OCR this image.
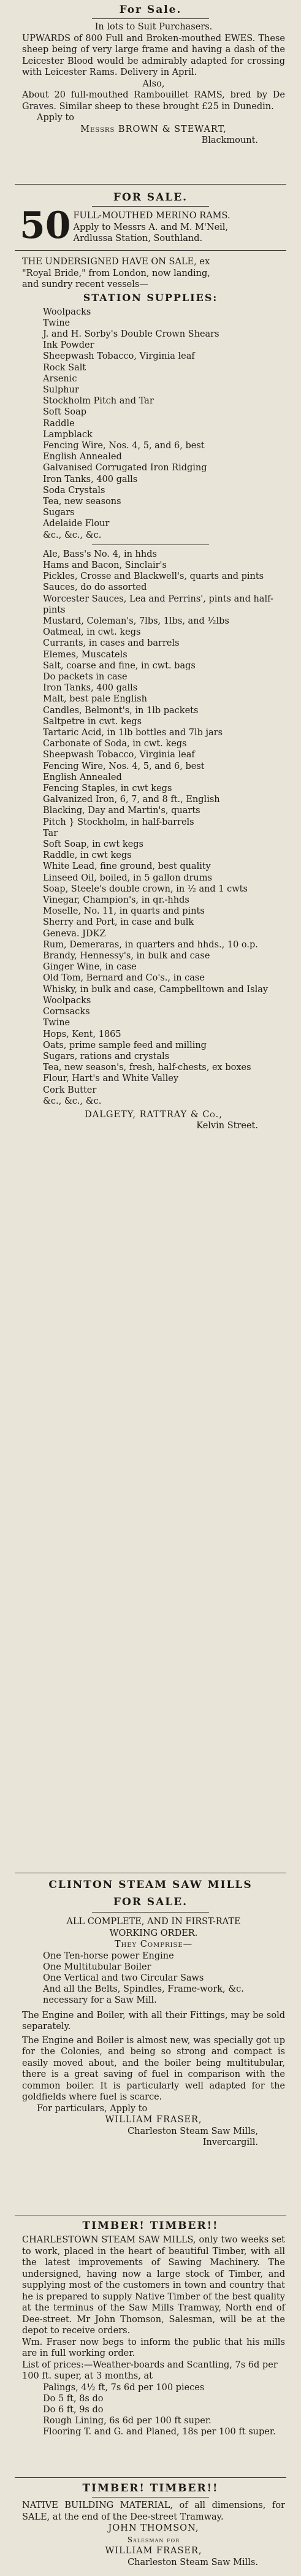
For Sale.

In lots to Suit Purchasers.

UPWARDS of 800 Full and Broken-mouthed EWES. These sheep being of very large frame and having a dash of the Leicester Blood would be admirably adapted for crossing with Leicester Rams. Delivery in April.

Also,

About 20 full-mouthed Rambouillet RAMS, bred by De Graves. Similar sheep to these brought £25 in Dunedin.

Apply to

Messrs BROWN & STEWART,

Blackmount.

FOR SALE.

50 FULL-MOUTHED MERINO RAMS.

Apply to Messrs A. and M. M'Neil,

Ardlussa Station, Southland.

THE UNDERSIGNED HAVE ON SALE, ex

"Royal Bride," from London, now landing,

and sundry recent vessels—

STATION SUPPLIES:

Woolpacks

Twine

J. and H. Sorby's Double Crown Shears

Ink Powder

Sheepwash Tobacco, Virginia leaf

Rock Salt

Arsenic

Sulphur

Stockholm Pitch and Tar

Soft Soap

Raddle

Lampblack

Fencing Wire, Nos. 4, 5, and 6, best

English Annealed

Galvanised Corrugated Iron Ridging

Iron Tanks, 400 galls

Soda Crystals

Tea, new seasons

Sugars

Adelaide Flour

&c., &c., &c.

Ale, Bass's No. 4, in hhds

Hams and Bacon, Sinclair's

Pickles, Crosse and Blackwell's, quarts and pints

Sauces, do do assorted

Worcester Sauces, Lea and Perrins', pints and half-pints

Mustard, Coleman's, 7lbs, 1lbs, and ½lbs

Oatmeal, in cwt. kegs

Currants, in cases and barrels

Elemes, Muscatels

Salt, coarse and fine, in cwt. bags

Do packets in case

Iron Tanks, 400 galls

Malt, best pale English

Candles, Belmont's, in 1lb packets

Saltpetre in cwt. kegs

Tartaric Acid, in 1lb bottles and 7lb jars

Carbonate of Soda, in cwt. kegs

Sheepwash Tobacco, Virginia leaf

Fencing Wire, Nos. 4, 5, and 6, best

English Annealed

Fencing Staples, in cwt kegs

Galvanized Iron, 6, 7, and 8 ft., English

Blacking, Day and Martin's, quarts

Pitch } Stockholm, in half-barrels

Tar

Soft Soap, in cwt kegs

Raddle, in cwt kegs

White Lead, fine ground, best quality

Linseed Oil, boiled, in 5 gallon drums

Soap, Steele's double crown, in ½ and 1 cwts

Vinegar, Champion's, in qr.-hhds

Moselle, No. 11, in quarts and pints

Sherry and Port, in case and bulk

Geneva. JDKZ

Rum, Demeraras, in quarters and hhds., 10 o.p.

Brandy, Hennessy's, in bulk and case

Ginger Wine, in case

Old Tom, Bernard and Co's., in case

Whisky, in bulk and case, Campbelltown and Islay

Woolpacks

Cornsacks

Twine

Hops, Kent, 1865

Oats, prime sample feed and milling

Sugars, rations and crystals

Tea, new season's, fresh, half-chests, ex boxes

Flour, Hart's and White Valley

Cork Butter

&c., &c., &c.

DALGETY, RATTRAY & Co.,

Kelvin Street.

CLINTON STEAM SAW MILLS

FOR SALE.

ALL COMPLETE, AND IN FIRST-RATE

WORKING ORDER.

They Comprise—

One Ten-horse power Engine

One Multitubular Boiler

One Vertical and two Circular Saws

And all the Belts, Spindles, Frame-work, &c. necessary for a Saw Mill.

The Engine and Boiler, with all their Fittings, may be sold separately.

The Engine and Boiler is almost new, was specially got up for the Colonies, and being so strong and compact is easily moved about, and the boiler being multitubular, there is a great saving of fuel in comparison with the common boiler. It is particularly well adapted for the goldfields where fuel is scarce.

For particulars, Apply to

WILLIAM FRASER,

Charleston Steam Saw Mills,

Invercargill.

TIMBER! TIMBER!!

CHARLESTOWN STEAM SAW MILLS, only two weeks set to work, placed in the heart of beautiful Timber, with all the latest improvements of Sawing Machinery. The undersigned, having now a large stock of Timber, and supplying most of the customers in town and country that he is prepared to supply Native Timber of the best quality at the terminus of the Saw Mills Tramway, North end of Dee-street. Mr John Thomson, Salesman, will be at the depot to receive orders.

Wm. Fraser now begs to inform the public that his mills are in full working order.

List of prices:—Weather-boards and Scantling, 7s 6d per 100 ft. super, at 3 months, at

Palings, 4½ ft, 7s 6d per 100 pieces

Do 5 ft, 8s do

Do 6 ft, 9s do

Rough Lining, 6s 6d per 100 ft super.

Flooring T. and G. and Planed, 18s per 100 ft super.

TIMBER! TIMBER!!

NATIVE BUILDING MATERIAL, of all dimensions, for SALE, at the end of the Dee-street Tramway.

JOHN THOMSON,

Salesman for

WILLIAM FRASER,

Charleston Steam Saw Mills.
